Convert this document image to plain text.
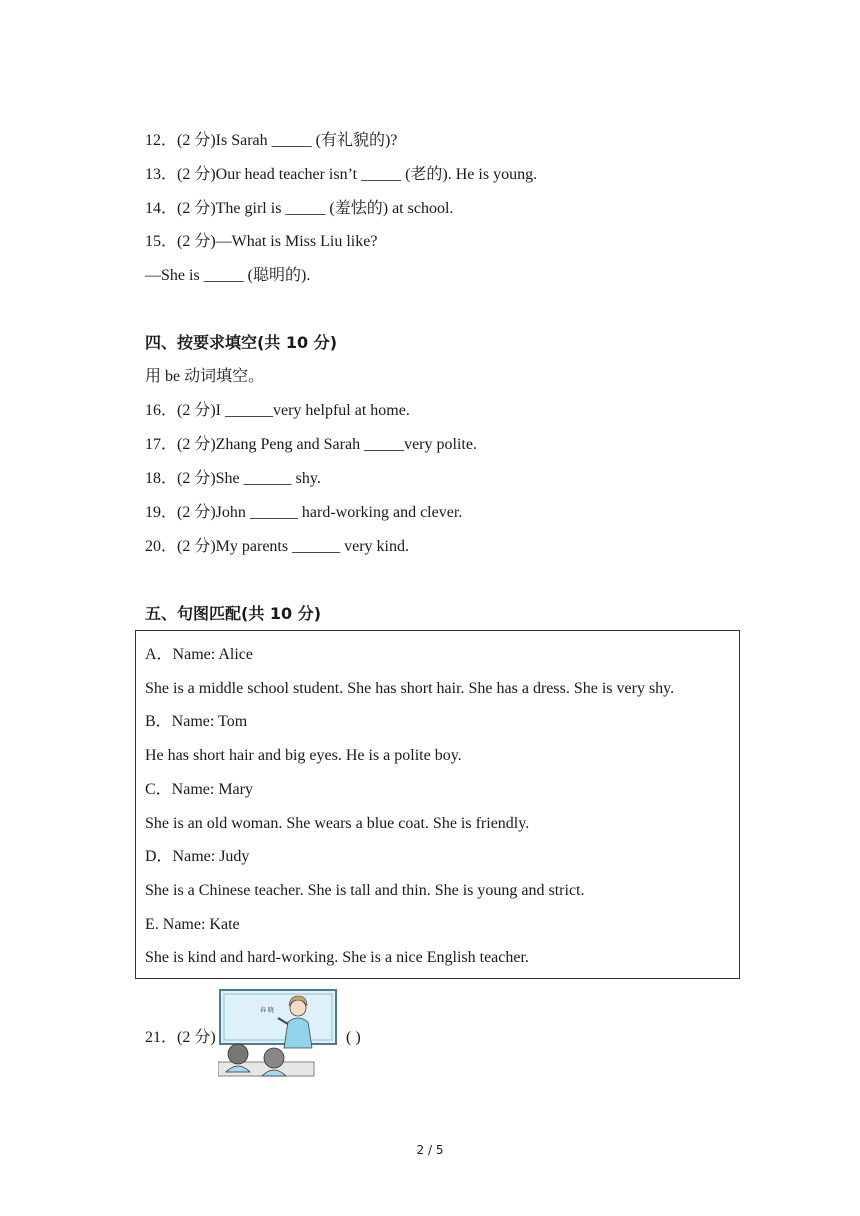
12．(2 分)Is Sarah _____ (有礼貌的)?
13．(2 分)Our head teacher isn’t _____ (老的). He is young.
14．(2 分)The girl is _____ (羞怯的) at school.
15．(2 分)—What is Miss Liu like?
—She is _____ (聪明的).
四、按要求填空(共 10 分)
用 be 动词填空。
16．(2 分)I ______very helpful at home.
17．(2 分)Zhang Peng and Sarah _____very polite.
18．(2 分)She ______ shy.
19．(2 分)John ______ hard-working and clever.
20．(2 分)My parents ______ very kind.
五、句图匹配(共 10 分)
A．Name: Alice
She is a middle school student. She has short hair. She has a dress. She is very shy.
B．Name: Tom
He has short hair and big eyes. He is a polite boy.
C．Name: Mary
She is an old woman. She wears a blue coat. She is friendly.
D．Name: Judy
She is a Chinese teacher. She is tall and thin. She is young and strict.
E. Name: Kate
She is kind and hard-working. She is a nice English teacher.
21．(2 分)
春 晓
( )
2 / 5
